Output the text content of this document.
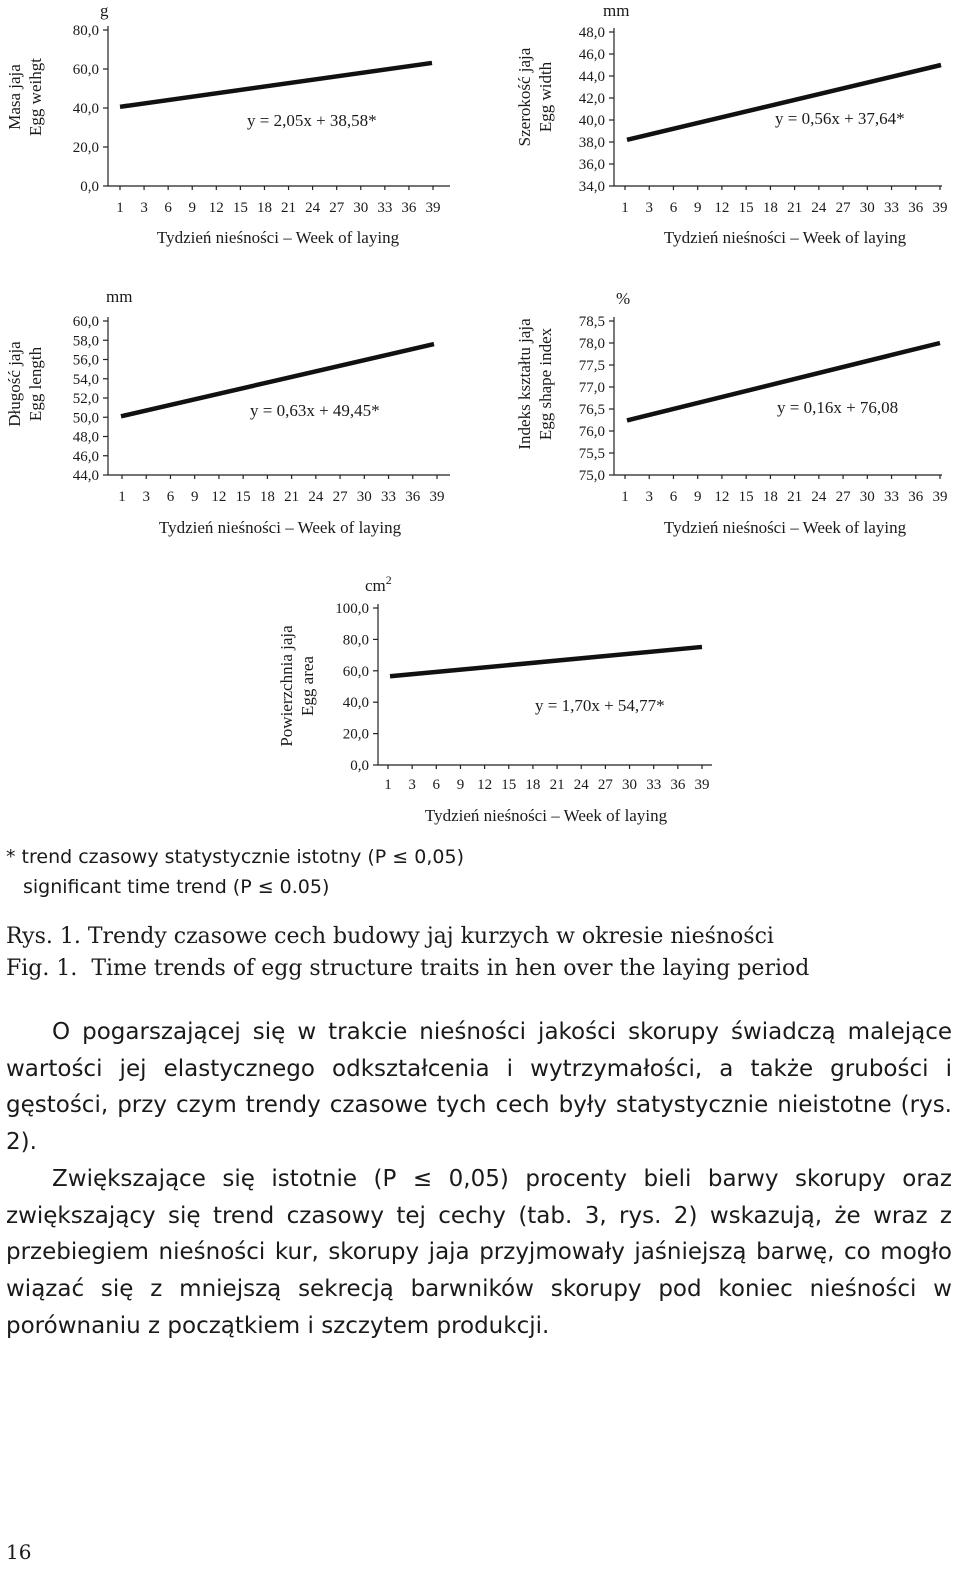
80,0
60,0
40,0
20,0
0,0
1 3 6 9 12 15 18 21 24 27 30 33 36 39
y = 2,05x + 38,58*
g
Masa jaja Egg weihgt
Tydzień nieśności – Week of laying
48,0
46,0
44,0
42,0
40,0
38,0
36,0
34,0
1 3 6 9 12 15 18 21 24 27 30 33 36 39
y = 0,56x + 37,64*
mm
Szerokość jaja Egg width
Tydzień nieśności – Week of laying
60,0
58,0
56,0
54,0
52,0
50,0
48,0
46,0
44,0
1 3 6 9 12 15 18 21 24 27 30 33 36 39
y = 0,63x + 49,45*
mm
Długość jaja Egg length
Tydzień nieśności – Week of laying
78,5
78,0
77,5
77,0
76,5
76,0
75,5
75,0
1 3 6 9 12 15 18 21 24 27 30 33 36 39
y = 0,16x + 76,08
%
Indeks kształtu jaja Egg shape index
Tydzień nieśności – Week of laying
100,0
80,0
60,0
40,0
20,0
0,0
1 3 6 9 12 15 18 21 24 27 30 33 36 39
y = 1,70x + 54,77*
$cm^2$
Powierzchnia jaja Egg area
Tydzień nieśności – Week of laying
* trend czasowy statystycznie istotny (P ≤ 0,05)
significant time trend (P ≤ 0.05)
Rys. 1. Trendy czasowe cech budowy jaj kurzych w okresie nieśności
Fig. 1.  Time trends of egg structure traits in hen over the laying period

O pogarszającej się w trakcie nieśności jakości skorupy świadczą malejące wartości jej elastycznego odkształcenia i wytrzymałości, a także grubości i gęstości, przy czym trendy czasowe tych cech były statystycznie nieistotne (rys. 2).

Zwiększające się istotnie (P ≤ 0,05) procenty bieli barwy skorupy oraz zwiększający się trend czasowy tej cechy (tab. 3, rys. 2) wskazują, że wraz z przebiegiem nieśności kur, skorupy jaja przyjmowały jaśniejszą barwę, co mogło wiązać się z mniejszą sekrecją barwników skorupy pod koniec nieśności w porównaniu z początkiem i szczytem produkcji.

16
